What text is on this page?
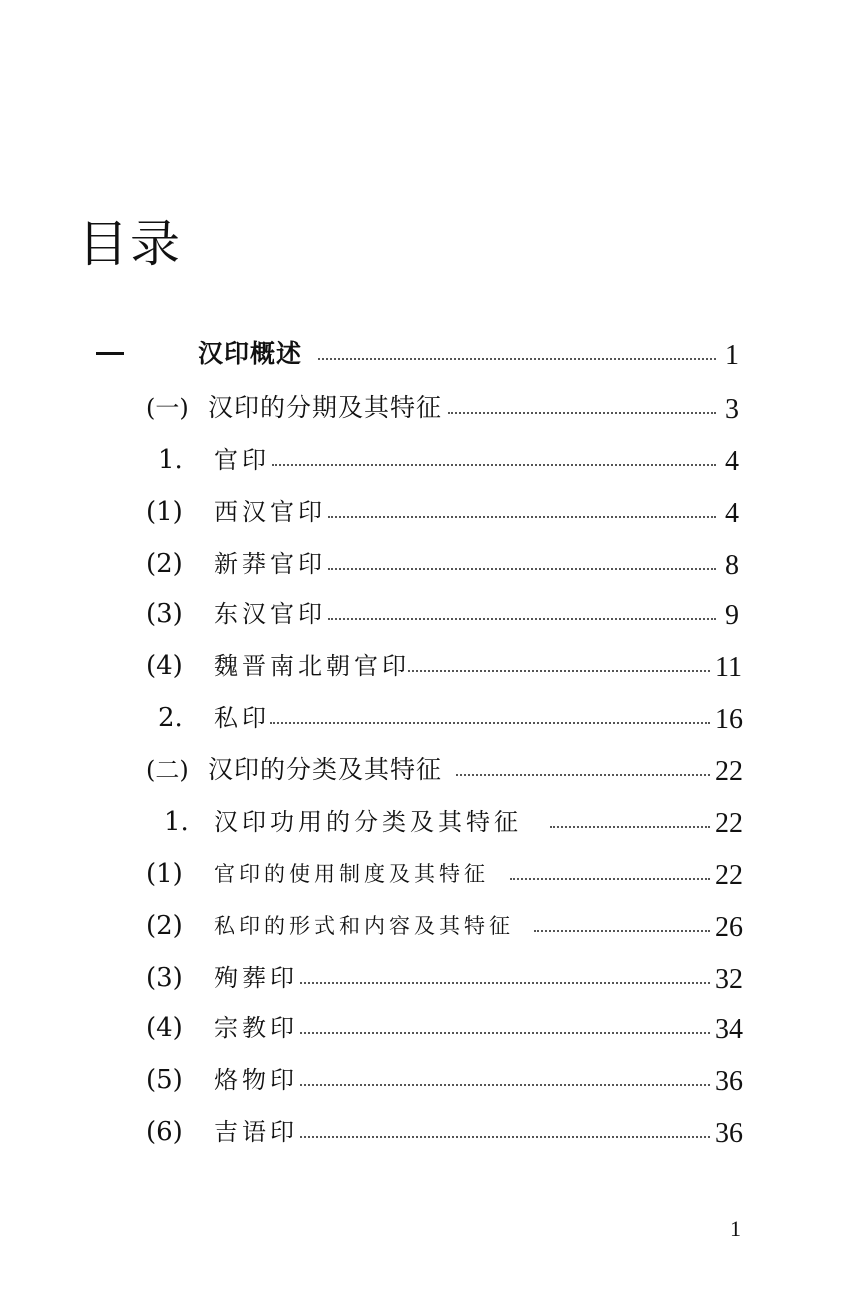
目录
汉印概述	1
(一) 汉印的分期及其特征	3
1. 官印	4
(1) 西汉官印	4
(2) 新莽官印	8
(3) 东汉官印	9
(4) 魏晋南北朝官印	11
2. 私印	16
(二) 汉印的分类及其特征	22
1. 汉印功用的分类及其特征	22
(1) 官印的使用制度及其特征	22
(2) 私印的形式和内容及其特征	26
(3) 殉葬印	32
(4) 宗教印	34
(5) 烙物印	36
(6) 吉语印	36
1
